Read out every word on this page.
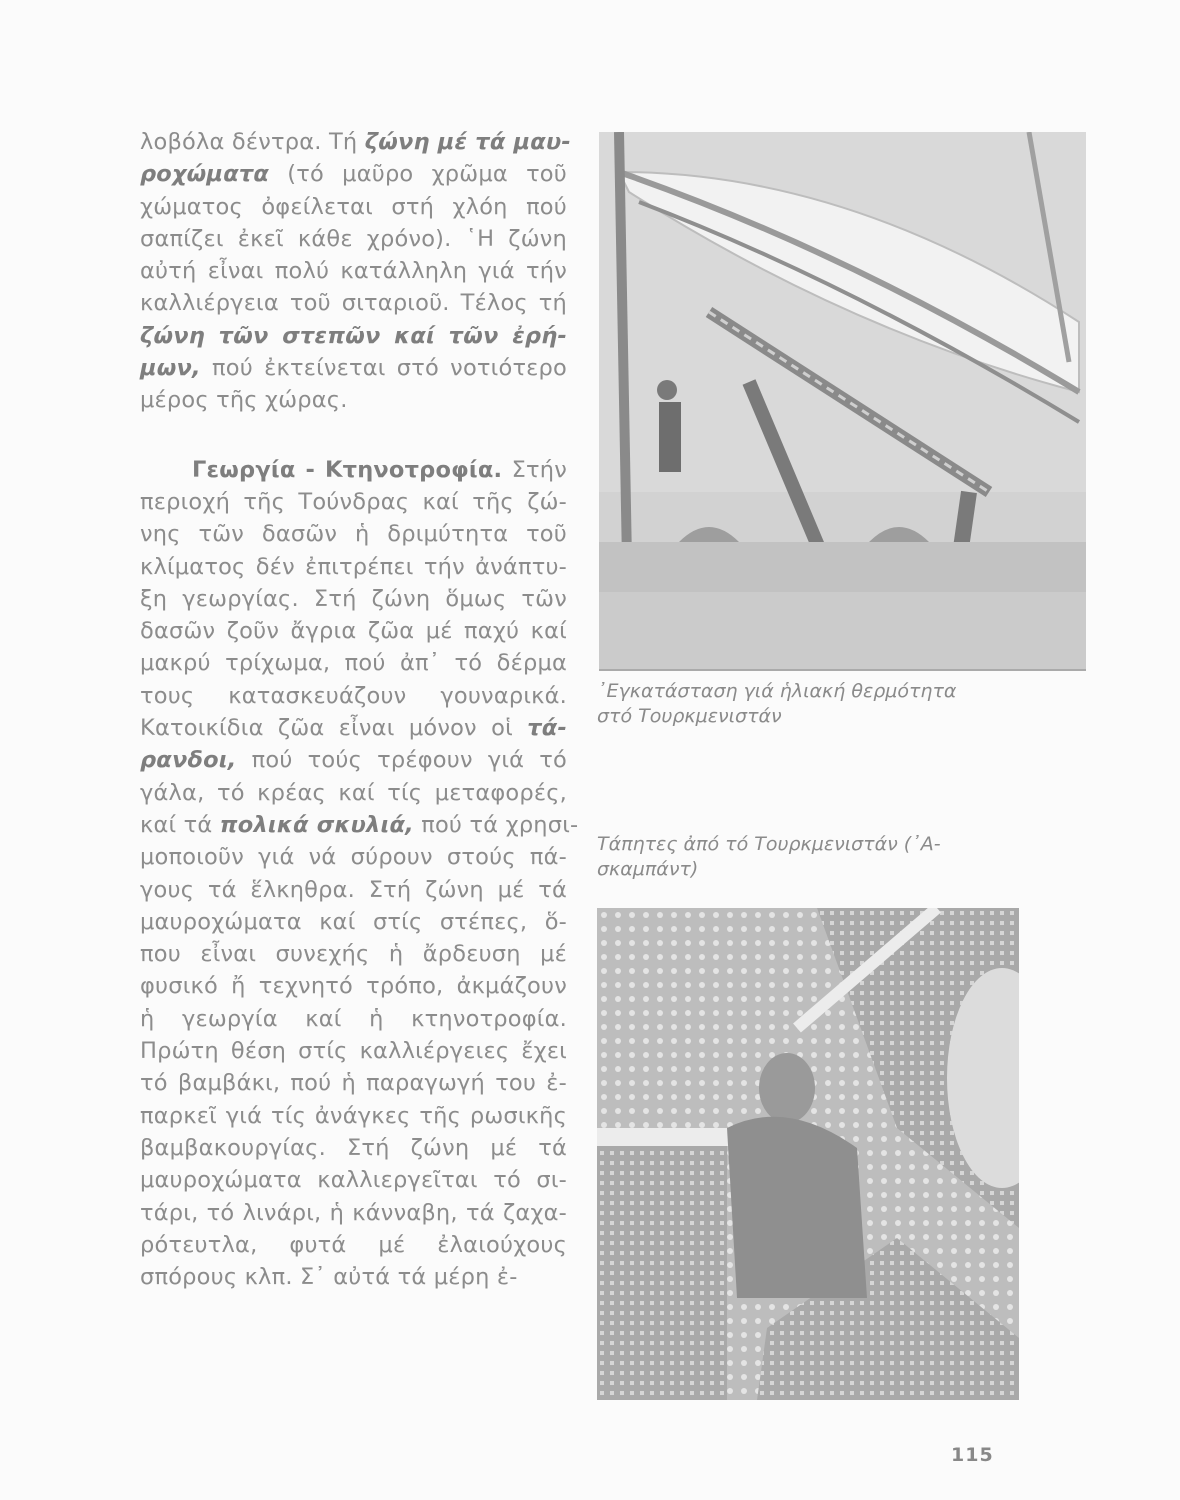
λοβόλα δέντρα. Τή ζώνη μέ τά μαυ-
ροχώματα (τό μαῦρο χρῶμα τοῦ
χώματος ὀφείλεται στή χλόη πού
σαπίζει ἐκεῖ κάθε χρόνο). ῾Η ζώνη
αὐτή εἶναι πολύ κατάλληλη γιά τήν
καλλιέργεια τοῦ σιταριοῦ. Τέλος τή
ζώνη τῶν στεπῶν καί τῶν ἐρή-
μων, πού ἐκτείνεται στό νοτιότερο
μέρος τῆς χώρας.
Γεωργία - Κτηνοτροφία. Στήν
περιοχή τῆς Τούνδρας καί τῆς ζώ-
νης τῶν δασῶν ἡ δριμύτητα τοῦ
κλίματος δέν ἐπιτρέπει τήν ἀνάπτυ-
ξη γεωργίας. Στή ζώνη ὅμως τῶν
δασῶν ζοῦν ἄγρια ζῶα μέ παχύ καί
μακρύ τρίχωμα, πού ἀπ᾽ τό δέρμα
τους κατασκευάζουν γουναρικά.
Κατοικίδια ζῶα εἶναι μόνον οἱ τά-
ρανδοι, πού τούς τρέφουν γιά τό
γάλα, τό κρέας καί τίς μεταφορές,
καί τά πολικά σκυλιά, πού τά χρησι-
μοποιοῦν γιά νά σύρουν στούς πά-
γους τά ἕλκηθρα. Στή ζώνη μέ τά
μαυροχώματα καί στίς στέπες, ὅ-
που εἶναι συνεχής ἡ ἄρδευση μέ
φυσικό ἤ τεχνητό τρόπο, ἀκμάζουν
ἡ γεωργία καί ἡ κτηνοτροφία.
Πρώτη θέση στίς καλλιέργειες ἔχει
τό βαμβάκι, πού ἡ παραγωγή του ἐ-
παρκεῖ γιά τίς ἀνάγκες τῆς ρωσικῆς
βαμβακουργίας. Στή ζώνη μέ τά
μαυροχώματα καλλιεργεῖται τό σι-
τάρι, τό λινάρι, ἡ κάνναβη, τά ζαχα-
ρότευτλα, φυτά μέ ἐλαιούχους
σπόρους κλπ. Σ᾽ αὐτά τά μέρη ἐ-
᾿Εγκατάσταση γιά ἡλιακή θερμότητα
στό Τουρκμενιστάν
Τάπητες ἀπό τό Τουρκμενιστάν (᾿Α-
σκαμπάντ)
115
